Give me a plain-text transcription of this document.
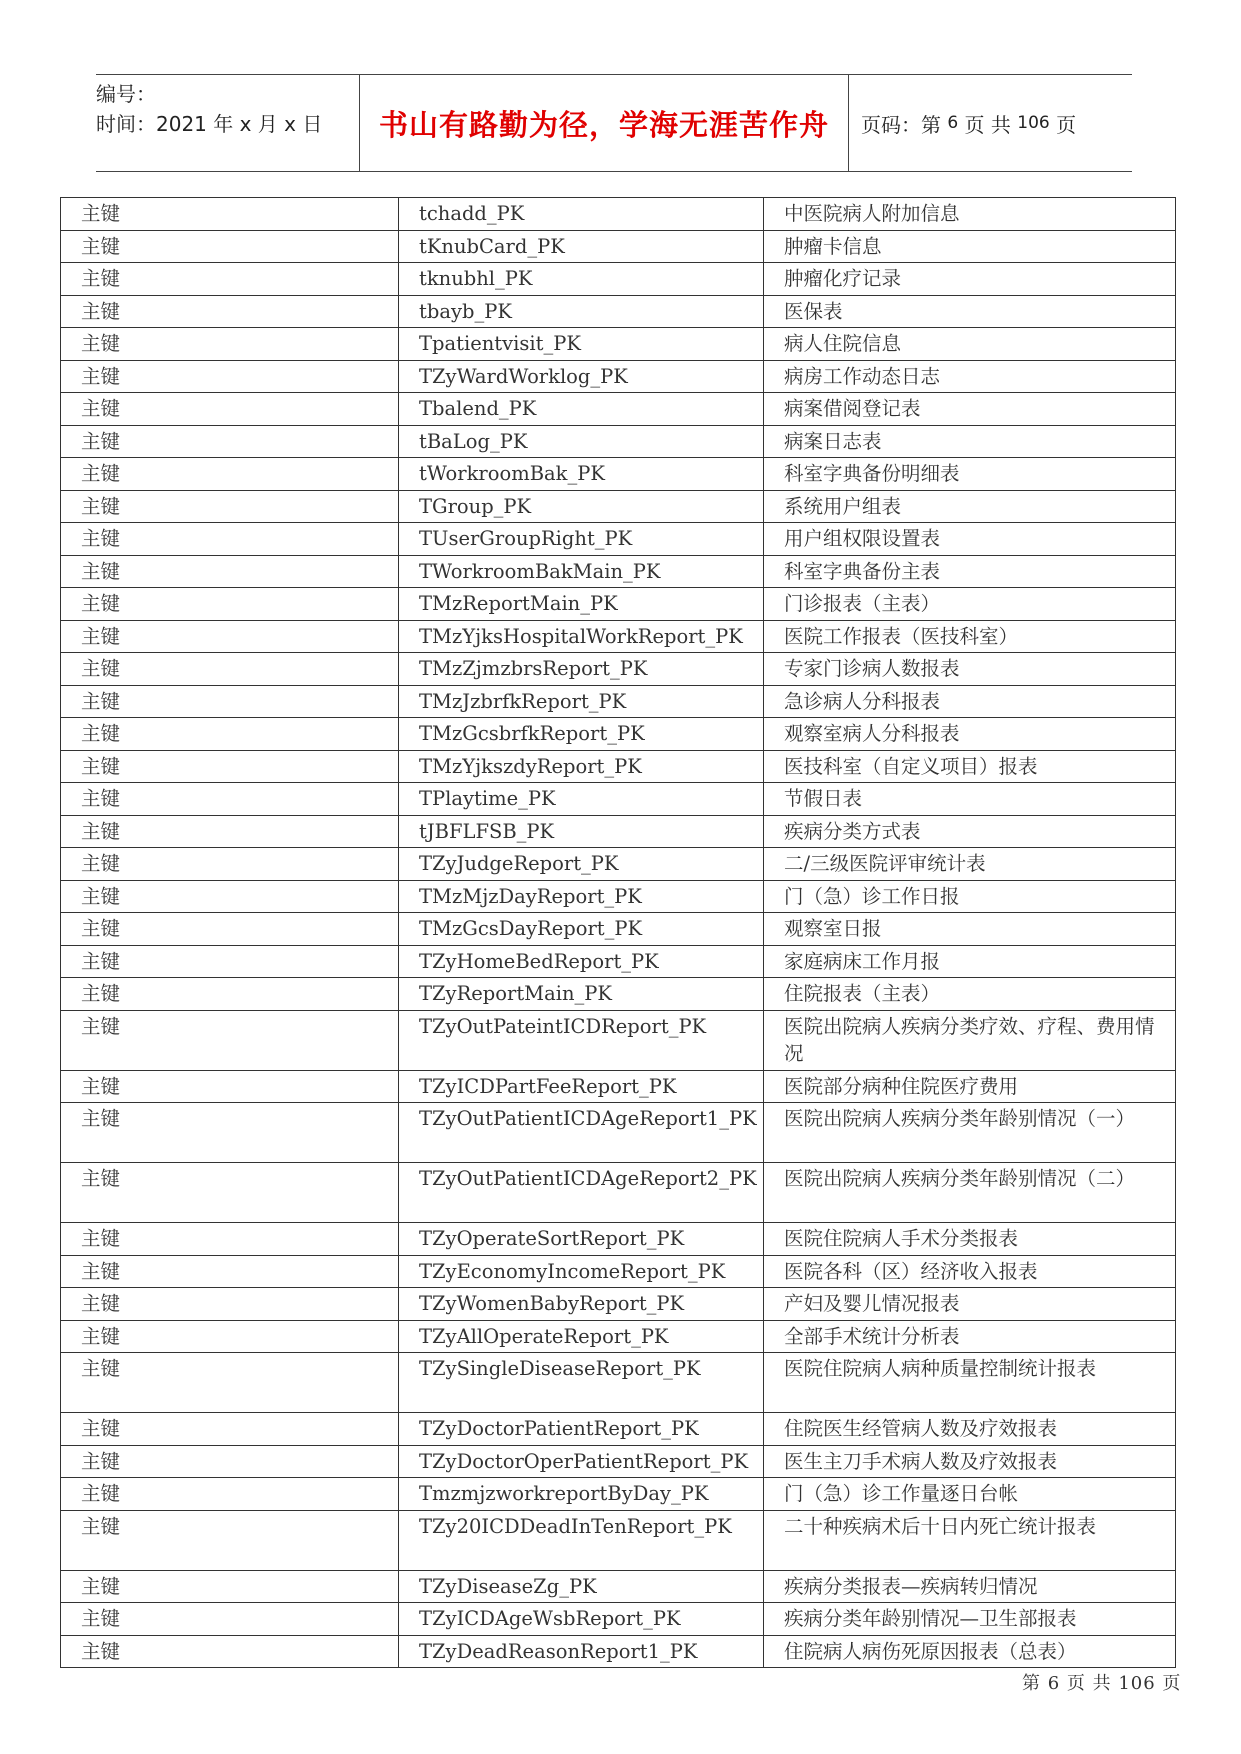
编号：
时间：2021 年 x 月 x 日	书山有路勤为径，学海无涯苦作舟	页码：第
6
页 共
106
页
主键	tchadd_PK	中医院病人附加信息
主键	tKnubCard_PK	肿瘤卡信息
主键	tknubhl_PK	肿瘤化疗记录
主键	tbayb_PK	医保表
主键	Tpatientvisit_PK	病人住院信息
主键	TZyWardWorklog_PK	病房工作动态日志
主键	Tbalend_PK	病案借阅登记表
主键	tBaLog_PK	病案日志表
主键	tWorkroomBak_PK	科室字典备份明细表
主键	TGroup_PK	系统用户组表
主键	TUserGroupRight_PK	用户组权限设置表
主键	TWorkroomBakMain_PK	科室字典备份主表
主键	TMzReportMain_PK	门诊报表（主表）
主键	TMzYjksHospitalWorkReport_PK	医院工作报表（医技科室）
主键	TMzZjmzbrsReport_PK	专家门诊病人数报表
主键	TMzJzbrfkReport_PK	急诊病人分科报表
主键	TMzGcsbrfkReport_PK	观察室病人分科报表
主键	TMzYjkszdyReport_PK	医技科室（自定义项目）报表
主键	TPlaytime_PK	节假日表
主键	tJBFLFSB_PK	疾病分类方式表
主键	TZyJudgeReport_PK	二/三级医院评审统计表
主键	TMzMjzDayReport_PK	门（急）诊工作日报
主键	TMzGcsDayReport_PK	观察室日报
主键	TZyHomeBedReport_PK	家庭病床工作月报
主键	TZyReportMain_PK	住院报表（主表）
主键	TZyOutPateintICDReport_PK	医院出院病人疾病分类疗效、疗程、费用情况
主键	TZyICDPartFeeReport_PK	医院部分病种住院医疗费用
主键	TZyOutPatientICDAgeReport1_PK	医院出院病人疾病分类年龄别情况（一）
主键	TZyOutPatientICDAgeReport2_PK	医院出院病人疾病分类年龄别情况（二）
主键	TZyOperateSortReport_PK	医院住院病人手术分类报表
主键	TZyEconomyIncomeReport_PK	医院各科（区）经济收入报表
主键	TZyWomenBabyReport_PK	产妇及婴儿情况报表
主键	TZyAllOperateReport_PK	全部手术统计分析表
主键	TZySingleDiseaseReport_PK	医院住院病人病种质量控制统计报表
主键	TZyDoctorPatientReport_PK	住院医生经管病人数及疗效报表
主键	TZyDoctorOperPatientReport_PK	医生主刀手术病人数及疗效报表
主键	TmzmjzworkreportByDay_PK	门（急）诊工作量逐日台帐
主键	TZy20ICDDeadInTenReport_PK	二十种疾病术后十日内死亡统计报表
主键	TZyDiseaseZg_PK	疾病分类报表—疾病转归情况
主键	TZyICDAgeWsbReport_PK	疾病分类年龄别情况—卫生部报表
主键	TZyDeadReasonReport1_PK	住院病人病伤死原因报表（总表）
第 6 页 共 106 页
